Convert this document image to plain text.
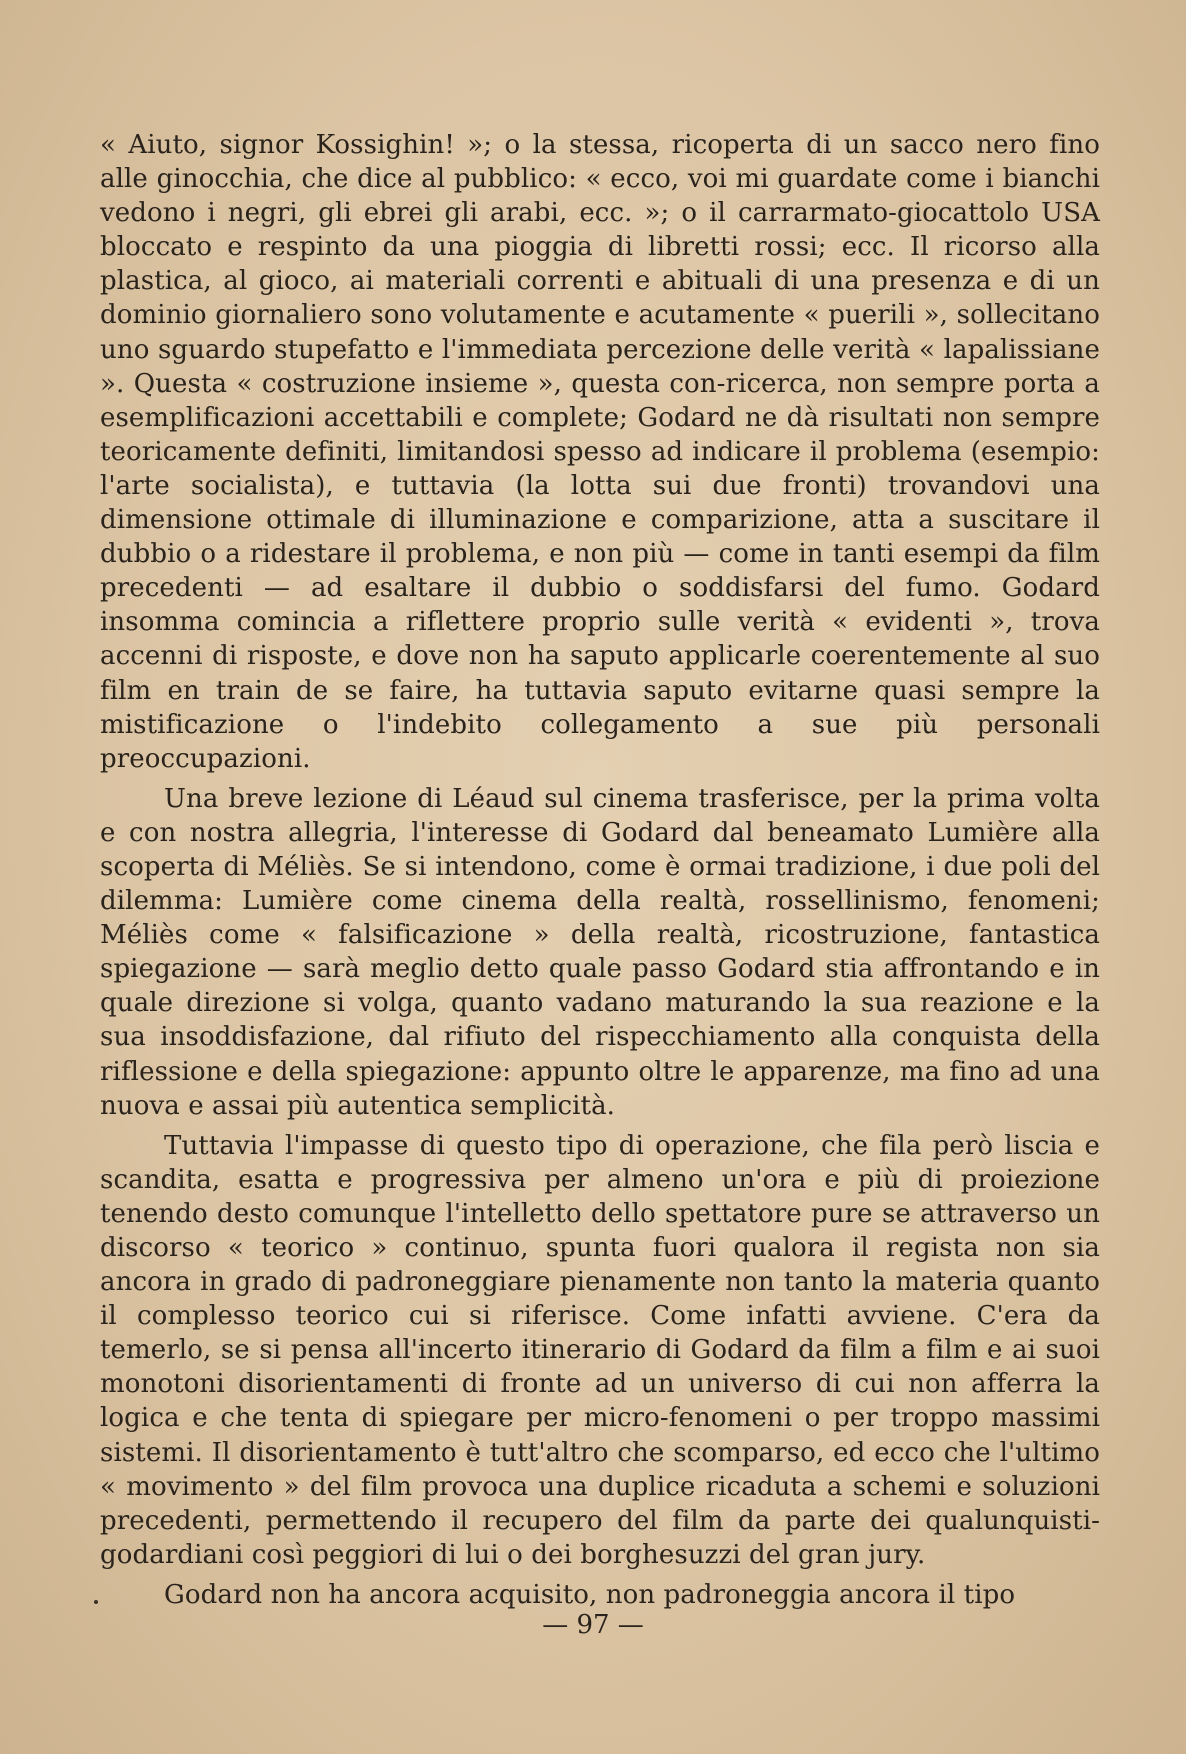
« Aiuto, signor Kossighin! »; o la stessa, ricoperta di un sacco nero fino alle ginocchia, che dice al pubblico: « ecco, voi mi guardate come i bianchi vedono i negri, gli ebrei gli arabi, ecc. »; o il carrarmato-giocattolo USA bloccato e respinto da una pioggia di libretti rossi; ecc. Il ricorso alla plastica, al gioco, ai materiali correnti e abituali di una presenza e di un dominio giornaliero sono volutamente e acutamente « puerili », sollecitano uno sguardo stupefatto e l'immediata percezione delle verità « lapalissiane ». Questa « costruzione insieme », questa con-ricerca, non sempre porta a esemplificazioni accettabili e complete; Godard ne dà risultati non sempre teoricamente definiti, limitandosi spesso ad indicare il problema (esempio: l'arte socialista), e tuttavia (la lotta sui due fronti) trovandovi una dimensione ottimale di illuminazione e comparizione, atta a suscitare il dubbio o a ridestare il problema, e non più — come in tanti esempi da film precedenti — ad esaltare il dubbio o soddisfarsi del fumo. Godard insomma comincia a riflettere proprio sulle verità « evidenti », trova accenni di risposte, e dove non ha saputo applicarle coerentemente al suo film en train de se faire, ha tuttavia saputo evitarne quasi sempre la mistificazione o l'indebito collegamento a sue più personali preoccupazioni.

Una breve lezione di Léaud sul cinema trasferisce, per la prima volta e con nostra allegria, l'interesse di Godard dal beneamato Lumière alla scoperta di Méliès. Se si intendono, come è ormai tradizione, i due poli del dilemma: Lumière come cinema della realtà, rossellinismo, fenomeni; Méliès come « falsificazione » della realtà, ricostruzione, fantastica spiegazione — sarà meglio detto quale passo Godard stia affrontando e in quale direzione si volga, quanto vadano maturando la sua reazione e la sua insoddisfazione, dal rifiuto del rispecchiamento alla conquista della riflessione e della spiegazione: appunto oltre le apparenze, ma fino ad una nuova e assai più autentica semplicità.

Tuttavia l'impasse di questo tipo di operazione, che fila però liscia e scandita, esatta e progressiva per almeno un'ora e più di proiezione tenendo desto comunque l'intelletto dello spettatore pure se attraverso un discorso « teorico » continuo, spunta fuori qualora il regista non sia ancora in grado di padroneggiare pienamente non tanto la materia quanto il complesso teorico cui si riferisce. Come infatti avviene. C'era da temerlo, se si pensa all'incerto itinerario di Godard da film a film e ai suoi monotoni disorientamenti di fronte ad un universo di cui non afferra la logica e che tenta di spiegare per micro-fenomeni o per troppo massimi sistemi. Il disorientamento è tutt'altro che scomparso, ed ecco che l'ultimo « movimento » del film provoca una duplice ricaduta a schemi e soluzioni precedenti, permettendo il recupero del film da parte dei qualunquisti-godardiani così peggiori di lui o dei borghesuzzi del gran jury.

Godard non ha ancora acquisito, non padroneggia ancora il tipo

— 97 —
